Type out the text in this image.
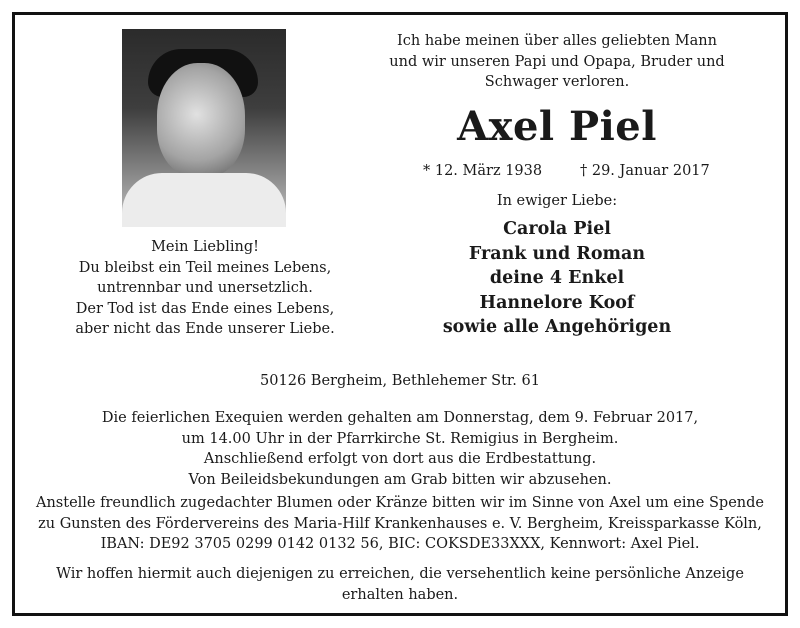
Mein Liebling!
Du bleibst ein Teil meines Lebens,
untrennbar und unersetzlich.
Der Tod ist das Ende eines Lebens,
aber nicht das Ende unserer Liebe.
Ich habe meinen über alles geliebten Mann
und wir unseren Papi und Opapa, Bruder und
Schwager verloren.
Axel Piel
* 12. März 1938	† 29. Januar 2017
In ewiger Liebe:
Carola Piel
Frank und Roman
deine 4 Enkel
Hannelore Koof
sowie alle Angehörigen
50126 Bergheim, Bethlehemer Str. 61
Die feierlichen Exequien werden gehalten am Donnerstag, dem 9. Februar 2017,
um 14.00 Uhr in der Pfarrkirche St. Remigius in Bergheim.
Anschließend erfolgt von dort aus die Erdbestattung.
Von Beileidsbekundungen am Grab bitten wir abzusehen.
Anstelle freundlich zugedachter Blumen oder Kränze bitten wir im Sinne von Axel um eine Spende
zu Gunsten des Fördervereins des Maria-Hilf Krankenhauses e. V. Bergheim, Kreissparkasse Köln,
IBAN: DE92 3705 0299 0142 0132 56, BIC: COKSDE33XXX, Kennwort: Axel Piel.
Wir hoffen hiermit auch diejenigen zu erreichen, die versehentlich keine persönliche Anzeige
erhalten haben.
